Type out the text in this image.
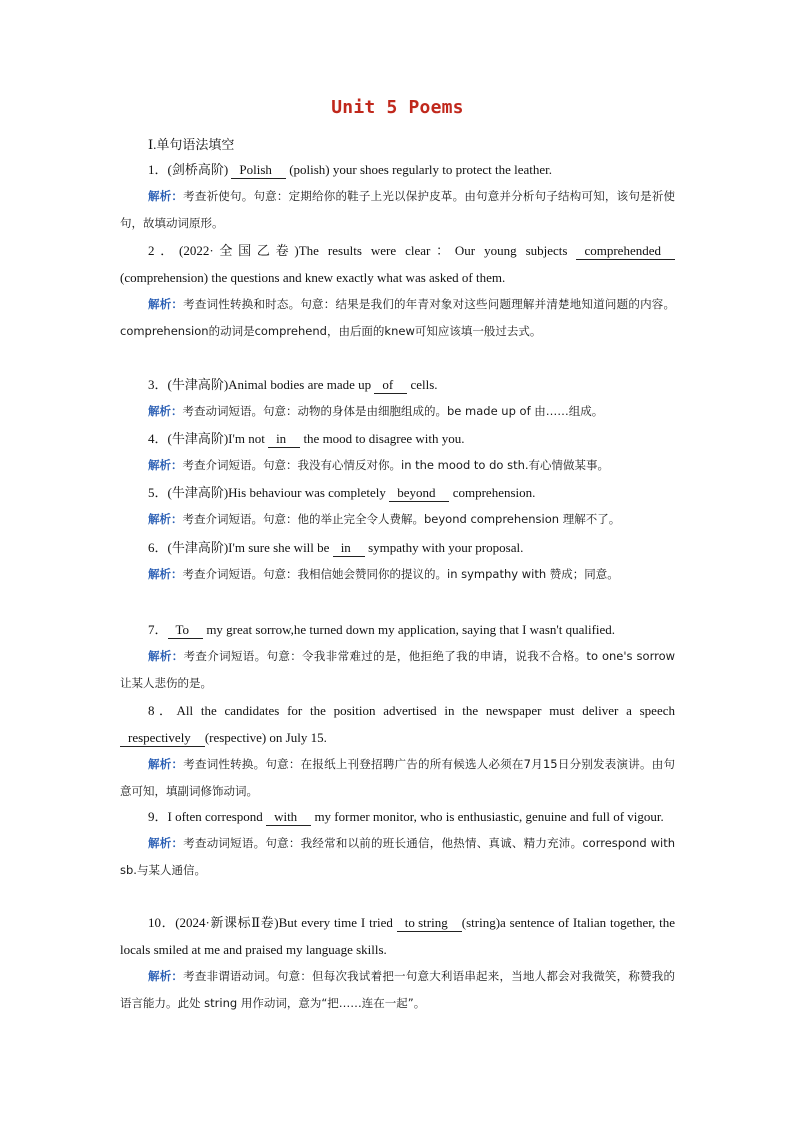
Unit 5 Poems
Ⅰ.单句语法填空
1．(剑桥高阶) Polish (polish) your shoes regularly to protect the leather.
解析：考查祈使句。句意：定期给你的鞋子上光以保护皮革。由句意并分析句子结构可知，该句是祈使句，故填动词原形。
2．(2022·全国乙卷)The results were clear：Our young subjects comprehended(comprehension) the questions and knew exactly what was asked of them.
解析：考查词性转换和时态。句意：结果是我们的年青对象对这些问题理解并清楚地知道问题的内容。comprehension的动词是comprehend，由后面的knew可知应该填一般过去式。
3．(牛津高阶)Animal bodies are made up of cells.
解析：考查动词短语。句意：动物的身体是由细胞组成的。be made up of 由……组成。
4．(牛津高阶)I'm not in the mood to disagree with you.
解析：考查介词短语。句意：我没有心情反对你。in the mood to do sth.有心情做某事。
5．(牛津高阶)His behaviour was completely beyond comprehension.
解析：考查介词短语。句意：他的举止完全令人费解。beyond comprehension 理解不了。
6．(牛津高阶)I'm sure she will be in sympathy with your proposal.
解析：考查介词短语。句意：我相信她会赞同你的提议的。in sympathy with 赞成；同意。
7． To my great sorrow,he turned down my application, saying that I wasn't qualified.
解析：考查介词短语。句意：令我非常难过的是，他拒绝了我的申请，说我不合格。to one's sorrow 让某人悲伤的是。
8．All the candidates for the position advertised in the newspaper must deliver a speech respectively (respective) on July 15.
解析：考查词性转换。句意：在报纸上刊登招聘广告的所有候选人必须在7月15日分别发表演讲。由句意可知，填副词修饰动词。
9．I often correspond with my former monitor, who is enthusiastic, genuine and full of vigour.
解析：考查动词短语。句意：我经常和以前的班长通信，他热情、真诚、精力充沛。correspond with sb.与某人通信。
10．(2024·新课标Ⅱ卷)But every time I tried to string (string)a sentence of Italian together, the locals smiled at me and praised my language skills.
解析：考查非谓语动词。句意：但每次我试着把一句意大利语串起来，当地人都会对我微笑，称赞我的语言能力。此处 string 用作动词，意为“把……连在一起”。
